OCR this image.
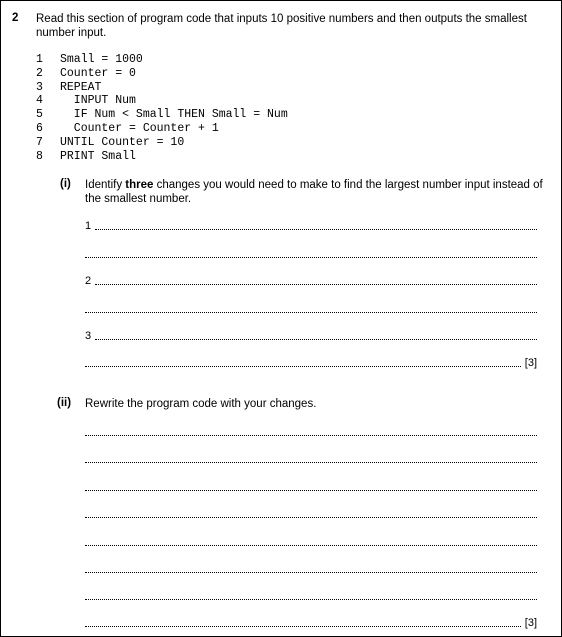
2 Read this section of program code that inputs 10 positive numbers and then outputs the smallest number input.
1 Small = 1000
2 Counter = 0
3 REPEAT
4  INPUT Num
5  IF Num < Small THEN Small = Num
6  Counter = Counter + 1
7 UNTIL Counter = 10
8 PRINT Small
(i) Identify three changes you would need to make to find the largest number input instead of the smallest number.
1
2
3
[3]
(ii) Rewrite the program code with your changes.
[3]
